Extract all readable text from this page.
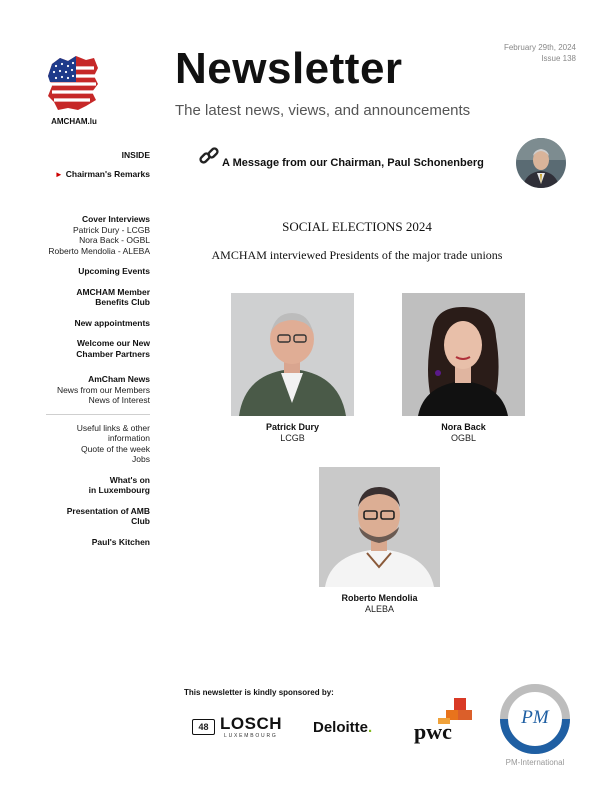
AMCHAM.lu
Newsletter
The latest news, views, and announcements
February 29th, 2024
Issue 138
INSIDE
► Chairman's Remarks
Cover Interviews
Patrick Dury - LCGB
Nora Back - OGBL
Roberto Mendolia - ALEBA
Upcoming Events
AMCHAM Member
Benefits Club
New appointments
Welcome our New
Chamber Partners
AmCham News
News from our Members
News of Interest
Useful links & other
information
Quote of the week
Jobs
What's on
in Luxembourg
Presentation of AMB
Club
Paul's Kitchen
A Message from our Chairman, Paul Schonenberg
SOCIAL ELECTIONS 2024
AMCHAM interviewed Presidents of the major trade unions
Patrick Dury
LCGB
Nora Back
OGBL
Roberto Mendolia
ALEBA
This newsletter is kindly sponsored by:
48 LOSCH
LUXEMBOURG Deloitte. pwc
PM
PM-International
